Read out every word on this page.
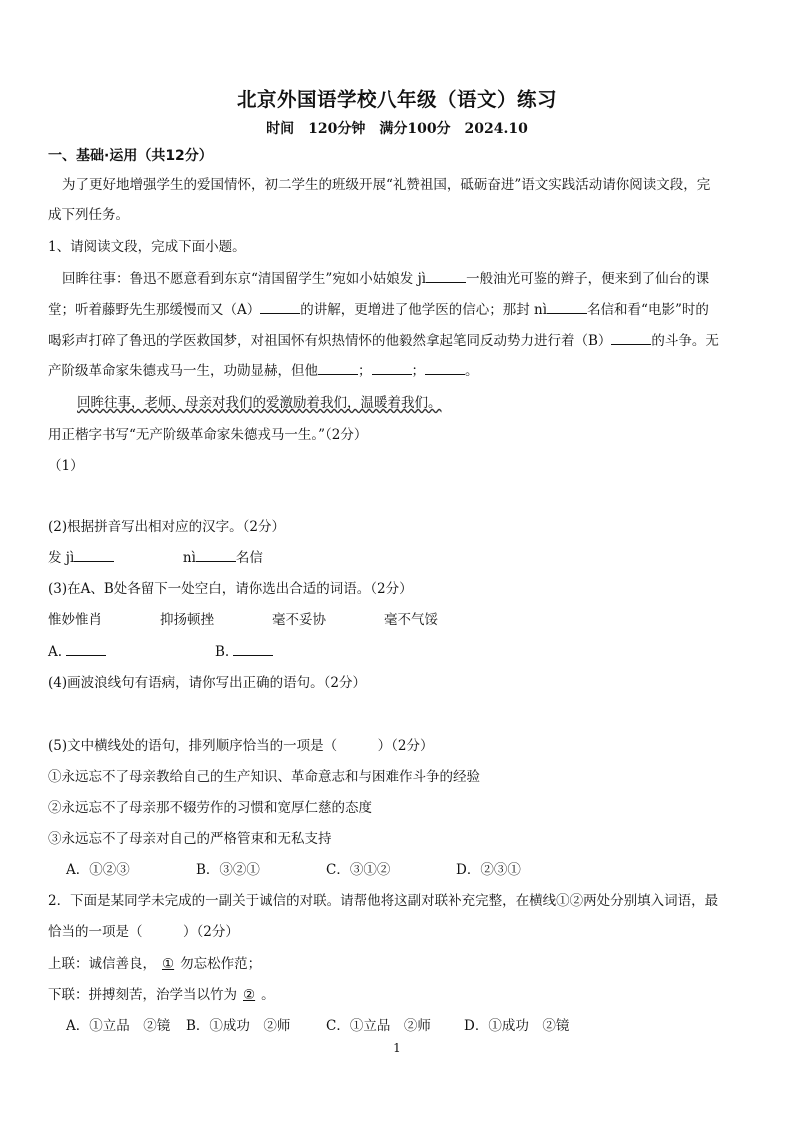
北京外国语学校八年级（语文）练习
时间　120分钟　满分100分　2024.10
一、基础·运用（共12分）
为了更好地增强学生的爱国情怀，初二学生的班级开展“礼赞祖国，砥砺奋进”语文实践活动请你阅读文段，完
成下列任务。
1、请阅读文段，完成下面小题。
回眸往事：鲁迅不愿意看到东京“清国留学生”宛如小姑娘发 jì	一般油光可鉴的辫子，便来到了仙台的课
堂；听着藤野先生那缓慢而又（A）	的讲解，更增进了他学医的信心；那封 nì	名信和看“电影”时的
喝彩声打碎了鲁迅的学医救国梦，对祖国怀有炽热情怀的他毅然拿起笔同反动势力进行着（B）	的斗争。无
产阶级革命家朱德戎马一生，功勋显赫，但他	；	；	。
回眸往事，老师、母亲对我们的爱激励着我们，温暖着我们。
用正楷字书写“无产阶级革命家朱德戎马一生。”（2分）
（1）
(2)根据拼音写出相对应的汉字。（2分）
发 jì	nì	名信
(3)在A、B处各留下一处空白，请你选出合适的词语。（2分）
惟妙惟肖	抑扬顿挫	毫不妥协	毫不气馁
A.	B.
(4)画波浪线句有语病，请你写出正确的语句。（2分）
(5)文中横线处的语句，排列顺序恰当的一项是（　　　）（2分）
①永远忘不了母亲教给自己的生产知识、革命意志和与困难作斗争的经验
②永远忘不了母亲那不辍劳作的习惯和宽厚仁慈的态度
③永远忘不了母亲对自己的严格管束和无私支持
A．①②③	B．③②①	C．③①②	D．②③①
2．下面是某同学未完成的一副关于诚信的对联。请帮他将这副对联补充完整，在横线①②两处分别填入词语，最
恰当的一项是（　　　）（2分）
上联：诚信善良， ① 勿忘松作范；
下联：拼搏刻苦，治学当以竹为 ② 。
A．①立品　②镜 B．①成功　②师	C．①立品　②师 D．①成功　②镜
1
